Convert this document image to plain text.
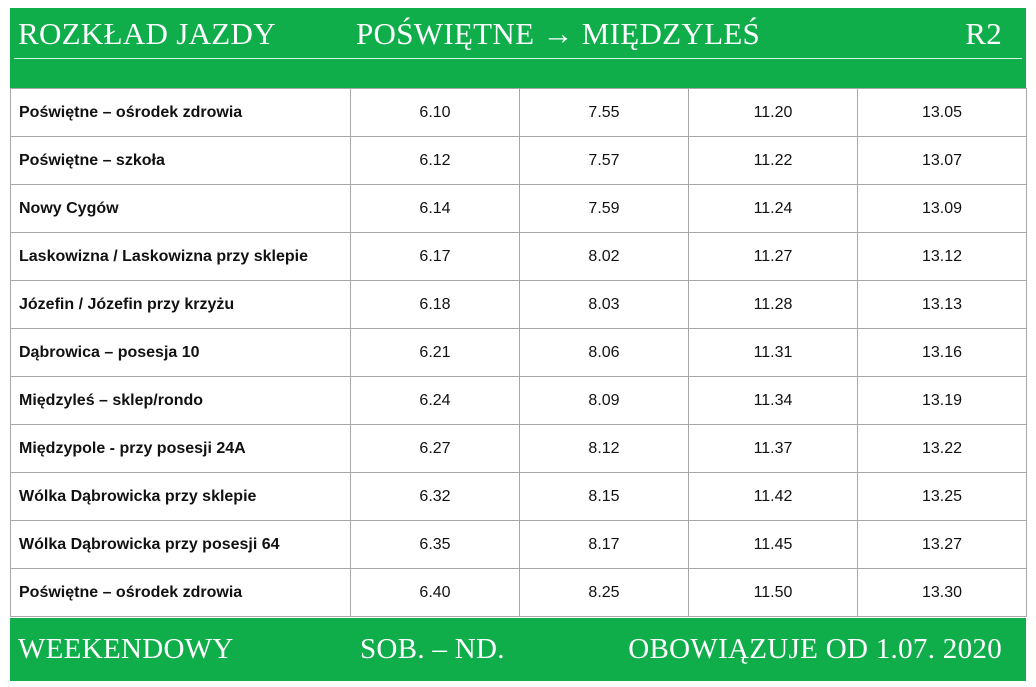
ROZKŁAD JAZDY	POŚWIĘTNE → MIĘDZYLEŚ	R2
Poświętne – ośrodek zdrowia	6.10	7.55	11.20	13.05
Poświętne – szkoła	6.12	7.57	11.22	13.07
Nowy Cygów	6.14	7.59	11.24	13.09
Laskowizna / Laskowizna przy sklepie	6.17	8.02	11.27	13.12
Józefin / Józefin przy krzyżu	6.18	8.03	11.28	13.13
Dąbrowica – posesja 10	6.21	8.06	11.31	13.16
Międzyleś – sklep/rondo	6.24	8.09	11.34	13.19
Międzypole - przy posesji 24A	6.27	8.12	11.37	13.22
Wólka Dąbrowicka przy sklepie	6.32	8.15	11.42	13.25
Wólka Dąbrowicka przy posesji 64	6.35	8.17	11.45	13.27
Poświętne – ośrodek zdrowia	6.40	8.25	11.50	13.30
WEEKENDOWY	SOB. – ND.	OBOWIĄZUJE OD 1.07. 2020
